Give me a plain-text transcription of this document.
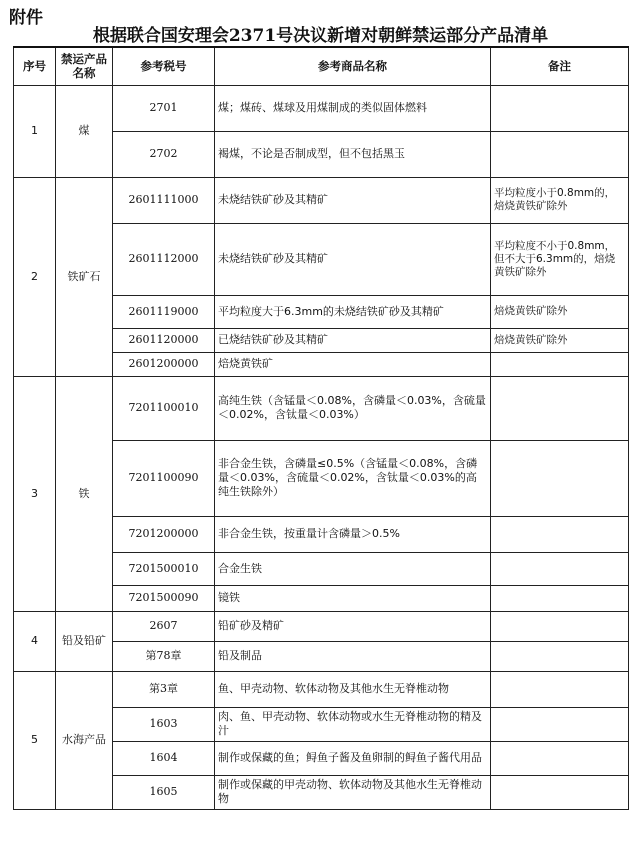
附件
根据联合国安理会2371号决议新增对朝鲜禁运部分产品清单
序号	禁运产品名称	参考税号	参考商品名称	备注
1	煤	2701	煤；煤砖、煤球及用煤制成的类似固体燃料	
		2702	褐煤，不论是否制成型，但不包括黑玉	
2	铁矿石	2601111000	未烧结铁矿砂及其精矿	平均粒度小于0.8mm的，焙烧黄铁矿除外
		2601112000	未烧结铁矿砂及其精矿	平均粒度不小于0.8mm，但不大于6.3mm的，焙烧黄铁矿除外
		2601119000	平均粒度大于6.3mm的未烧结铁矿砂及其精矿	焙烧黄铁矿除外
		2601120000	已烧结铁矿砂及其精矿	焙烧黄铁矿除外
		2601200000	焙烧黄铁矿	
3	铁	7201100010	高纯生铁（含锰量＜0.08%，含磷量＜0.03%，含硫量＜0.02%，含钛量＜0.03%）	
		7201100090	非合金生铁，含磷量≤0.5%（含锰量＜0.08%，含磷量＜0.03%，含硫量＜0.02%，含钛量＜0.03%的高纯生铁除外）	
		7201200000	非合金生铁，按重量计含磷量＞0.5%	
		7201500010	合金生铁	
		7201500090	镜铁	
4	铅及铅矿	2607	铅矿砂及精矿	
		第78章	铅及制品	
5	水海产品	第3章	鱼、甲壳动物、软体动物及其他水生无脊椎动物	
		1603	肉、鱼、甲壳动物、软体动物或水生无脊椎动物的精及汁	
		1604	制作或保藏的鱼；鲟鱼子酱及鱼卵制的鲟鱼子酱代用品	
		1605	制作或保藏的甲壳动物、软体动物及其他水生无脊椎动物	
